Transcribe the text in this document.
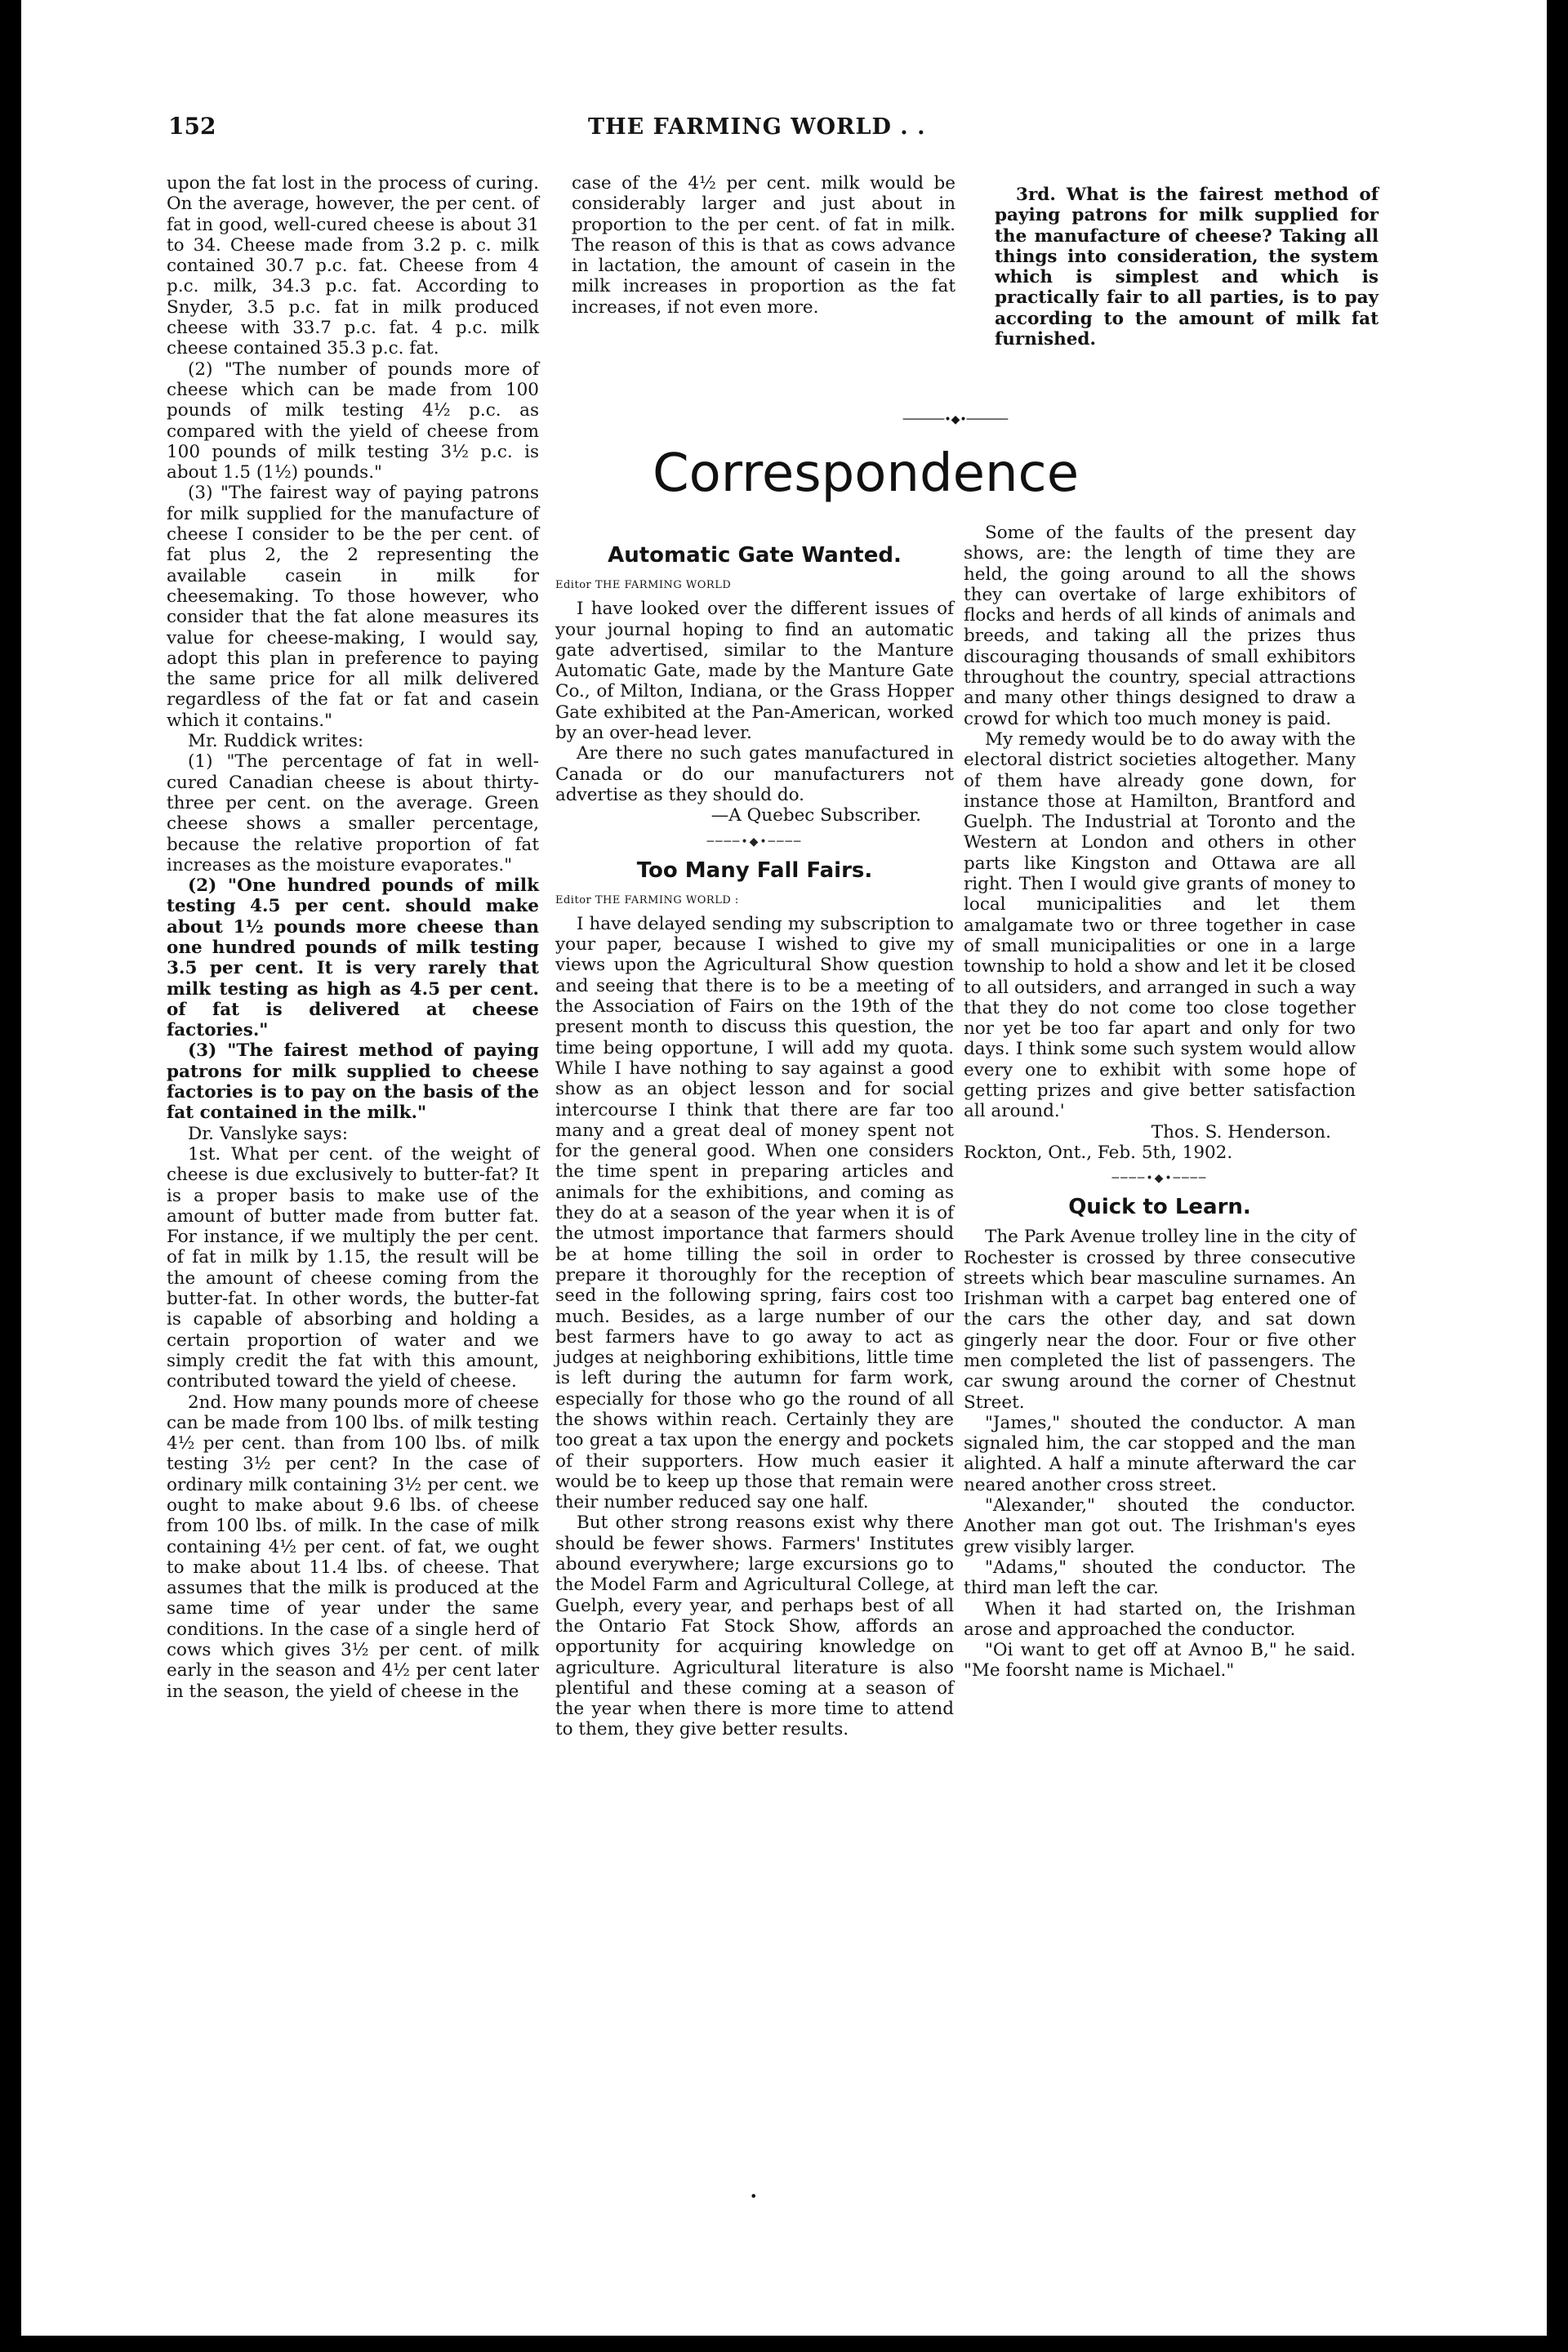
152	THE FARMING WORLD . .

upon the fat lost in the process of curing. On the average, however, the per cent. of fat in good, well-cured cheese is about 31 to 34. Cheese made from 3.2 p. c. milk contained 30.7 p.c. fat. Cheese from 4 p.c. milk, 34.3 p.c. fat. According to Snyder, 3.5 p.c. fat in milk produced cheese with 33.7 p.c. fat. 4 p.c. milk cheese contained 35.3 p.c. fat.

(2) "The number of pounds more of cheese which can be made from 100 pounds of milk testing 4½ p.c. as compared with the yield of cheese from 100 pounds of milk testing 3½ p.c. is about 1.5 (1½) pounds."

(3) "The fairest way of paying patrons for milk supplied for the manufacture of cheese I consider to be the per cent. of fat plus 2, the 2 representing the available casein in milk for cheesemaking. To those however, who consider that the fat alone measures its value for cheese-making, I would say, adopt this plan in preference to paying the same price for all milk delivered regardless of the fat or fat and casein which it contains."

Mr. Ruddick writes:

(1) "The percentage of fat in well-cured Canadian cheese is about thirty-three per cent. on the average. Green cheese shows a smaller percentage, because the relative proportion of fat increases as the moisture evaporates."

(2) "One hundred pounds of milk testing 4.5 per cent. should make about 1½ pounds more cheese than one hundred pounds of milk testing 3.5 per cent. It is very rarely that milk testing as high as 4.5 per cent. of fat is delivered at cheese factories."

(3) "The fairest method of paying patrons for milk supplied to cheese factories is to pay on the basis of the fat contained in the milk."

Dr. Vanslyke says:

1st. What per cent. of the weight of cheese is due exclusively to butter-fat? It is a proper basis to make use of the amount of butter made from butter fat. For instance, if we multiply the per cent. of fat in milk by 1.15, the result will be the amount of cheese coming from the butter-fat. In other words, the butter-fat is capable of absorbing and holding a certain proportion of water and we simply credit the fat with this amount, contributed toward the yield of cheese.

2nd. How many pounds more of cheese can be made from 100 lbs. of milk testing 4½ per cent. than from 100 lbs. of milk testing 3½ per cent? In the case of ordinary milk containing 3½ per cent. we ought to make about 9.6 lbs. of cheese from 100 lbs. of milk. In the case of milk containing 4½ per cent. of fat, we ought to make about 11.4 lbs. of cheese. That assumes that the milk is produced at the same time of year under the same conditions. In the case of a single herd of cows which gives 3½ per cent. of milk early in the season and 4½ per cent later in the season, the yield of cheese in the

case of the 4½ per cent. milk would be considerably larger and just about in proportion to the per cent. of fat in milk. The reason of this is that as cows advance in lactation, the amount of casein in the milk increases in proportion as the fat increases, if not even more.

3rd. What is the fairest method of paying patrons for milk supplied for the manufacture of cheese? Taking all things into consideration, the system which is simplest and which is practically fair to all parties, is to pay according to the amount of milk fat furnished.

──────•◆•──────
Correspondence
Automatic Gate Wanted.
Editor THE FARMING WORLD

I have looked over the different issues of your journal hoping to find an automatic gate advertised, similar to the Manture Automatic Gate, made by the Manture Gate Co., of Milton, Indiana, or the Grass Hopper Gate exhibited at the Pan-American, worked by an over-head lever.

Are there no such gates manufactured in Canada or do our manufacturers not advertise as they should do.

—A Quebec Subscriber.

────•◆•────
Too Many Fall Fairs.
Editor THE FARMING WORLD :

I have delayed sending my subscription to your paper, because I wished to give my views upon the Agricultural Show question and seeing that there is to be a meeting of the Association of Fairs on the 19th of the present month to discuss this question, the time being opportune, I will add my quota. While I have nothing to say against a good show as an object lesson and for social intercourse I think that there are far too many and a great deal of money spent not for the general good. When one considers the time spent in preparing articles and animals for the exhibitions, and coming as they do at a season of the year when it is of the utmost importance that farmers should be at home tilling the soil in order to prepare it thoroughly for the reception of seed in the following spring, fairs cost too much. Besides, as a large number of our best farmers have to go away to act as judges at neighboring exhibitions, little time is left during the autumn for farm work, especially for those who go the round of all the shows within reach. Certainly they are too great a tax upon the energy and pockets of their supporters. How much easier it would be to keep up those that remain were their number reduced say one half.

But other strong reasons exist why there should be fewer shows. Farmers' Institutes abound everywhere; large excursions go to the Model Farm and Agricultural College, at Guelph, every year, and perhaps best of all the Ontario Fat Stock Show, affords an opportunity for acquiring knowledge on agriculture. Agricultural literature is also plentiful and these coming at a season of the year when there is more time to attend to them, they give better results.

Some of the faults of the present day shows, are: the length of time they are held, the going around to all the shows they can overtake of large exhibitors of flocks and herds of all kinds of animals and breeds, and taking all the prizes thus discouraging thousands of small exhibitors throughout the country, special attractions and many other things designed to draw a crowd for which too much money is paid.

My remedy would be to do away with the electoral district societies altogether. Many of them have already gone down, for instance those at Hamilton, Brantford and Guelph. The Industrial at Toronto and the Western at London and others in other parts like Kingston and Ottawa are all right. Then I would give grants of money to local municipalities and let them amalgamate two or three together in case of small municipalities or one in a large township to hold a show and let it be closed to all outsiders, and arranged in such a way that they do not come too close together nor yet be too far apart and only for two days. I think some such system would allow every one to exhibit with some hope of getting prizes and give better satisfaction all around.'

Thos. S. Henderson.

Rockton, Ont., Feb. 5th, 1902.

────•◆•────
Quick to Learn.

The Park Avenue trolley line in the city of Rochester is crossed by three consecutive streets which bear masculine surnames. An Irishman with a carpet bag entered one of the cars the other day, and sat down gingerly near the door. Four or five other men completed the list of passengers. The car swung around the corner of Chestnut Street.

"James," shouted the conductor. A man signaled him, the car stopped and the man alighted. A half a minute afterward the car neared another cross street.

"Alexander," shouted the conductor. Another man got out. The Irishman's eyes grew visibly larger.

"Adams," shouted the conductor. The third man left the car.

When it had started on, the Irishman arose and approached the conductor.

"Oi want to get off at Avnoo B," he said. "Me foorsht name is Michael."

•
